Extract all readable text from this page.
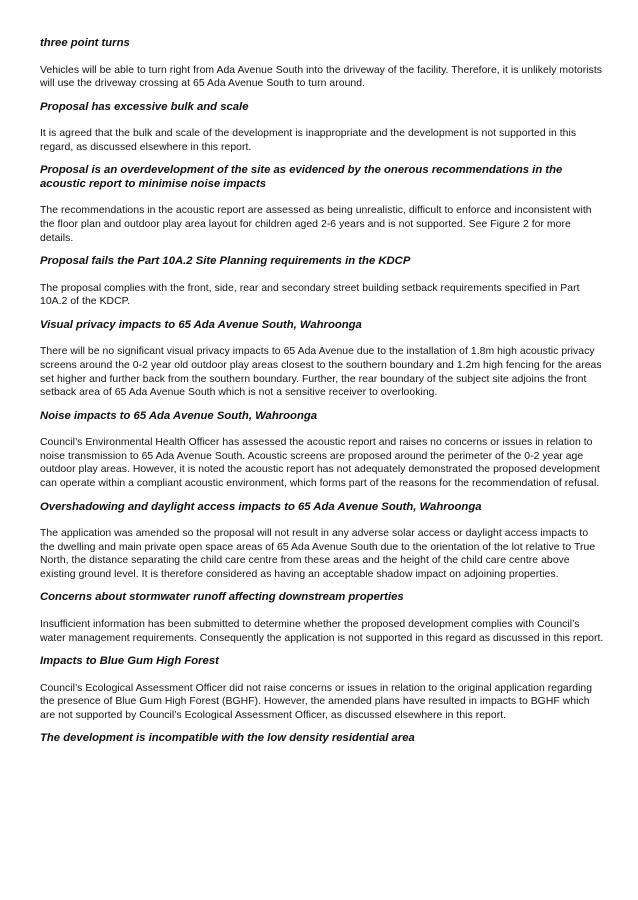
three point turns

Vehicles will be able to turn right from Ada Avenue South into the driveway of the facility. Therefore, it is unlikely motorists will use the driveway crossing at 65 Ada Avenue South to turn around.

Proposal has excessive bulk and scale

It is agreed that the bulk and scale of the development is inappropriate and the development is not supported in this regard, as discussed elsewhere in this report.

Proposal is an overdevelopment of the site as evidenced by the onerous recommendations in the acoustic report to minimise noise impacts

The recommendations in the acoustic report are assessed as being unrealistic, difficult to enforce and inconsistent with the floor plan and outdoor play area layout for children aged 2-6 years and is not supported. See Figure 2 for more details.

Proposal fails the Part 10A.2 Site Planning requirements in the KDCP

The proposal complies with the front, side, rear and secondary street building setback requirements specified in Part 10A.2 of the KDCP.

Visual privacy impacts to 65 Ada Avenue South, Wahroonga

There will be no significant visual privacy impacts to 65 Ada Avenue due to the installation of 1.8m high acoustic privacy screens around the 0-2 year old outdoor play areas closest to the southern boundary and 1.2m high fencing for the areas set higher and further back from the southern boundary. Further, the rear boundary of the subject site adjoins the front setback area of 65 Ada Avenue South which is not a sensitive receiver to overlooking.

Noise impacts to 65 Ada Avenue South, Wahroonga

Council’s Environmental Health Officer has assessed the acoustic report and raises no concerns or issues in relation to noise transmission to 65 Ada Avenue South. Acoustic screens are proposed around the perimeter of the 0-2 year age outdoor play areas. However, it is noted the acoustic report has not adequately demonstrated the proposed development can operate within a compliant acoustic environment, which forms part of the reasons for the recommendation of refusal.

Overshadowing and daylight access impacts to 65 Ada Avenue South, Wahroonga

The application was amended so the proposal will not result in any adverse solar access or daylight access impacts to the dwelling and main private open space areas of 65 Ada Avenue South due to the orientation of the lot relative to True North, the distance separating the child care centre from these areas and the height of the child care centre above existing ground level. It is therefore considered as having an acceptable shadow impact on adjoining properties.

Concerns about stormwater runoff affecting downstream properties

Insufficient information has been submitted to determine whether the proposed development complies with Council’s water management requirements. Consequently the application is not supported in this regard as discussed in this report.

Impacts to Blue Gum High Forest

Council’s Ecological Assessment Officer did not raise concerns or issues in relation to the original application regarding the presence of Blue Gum High Forest (BGHF). However, the amended plans have resulted in impacts to BGHF which are not supported by Council’s Ecological Assessment Officer, as discussed elsewhere in this report.

The development is incompatible with the low density residential area
